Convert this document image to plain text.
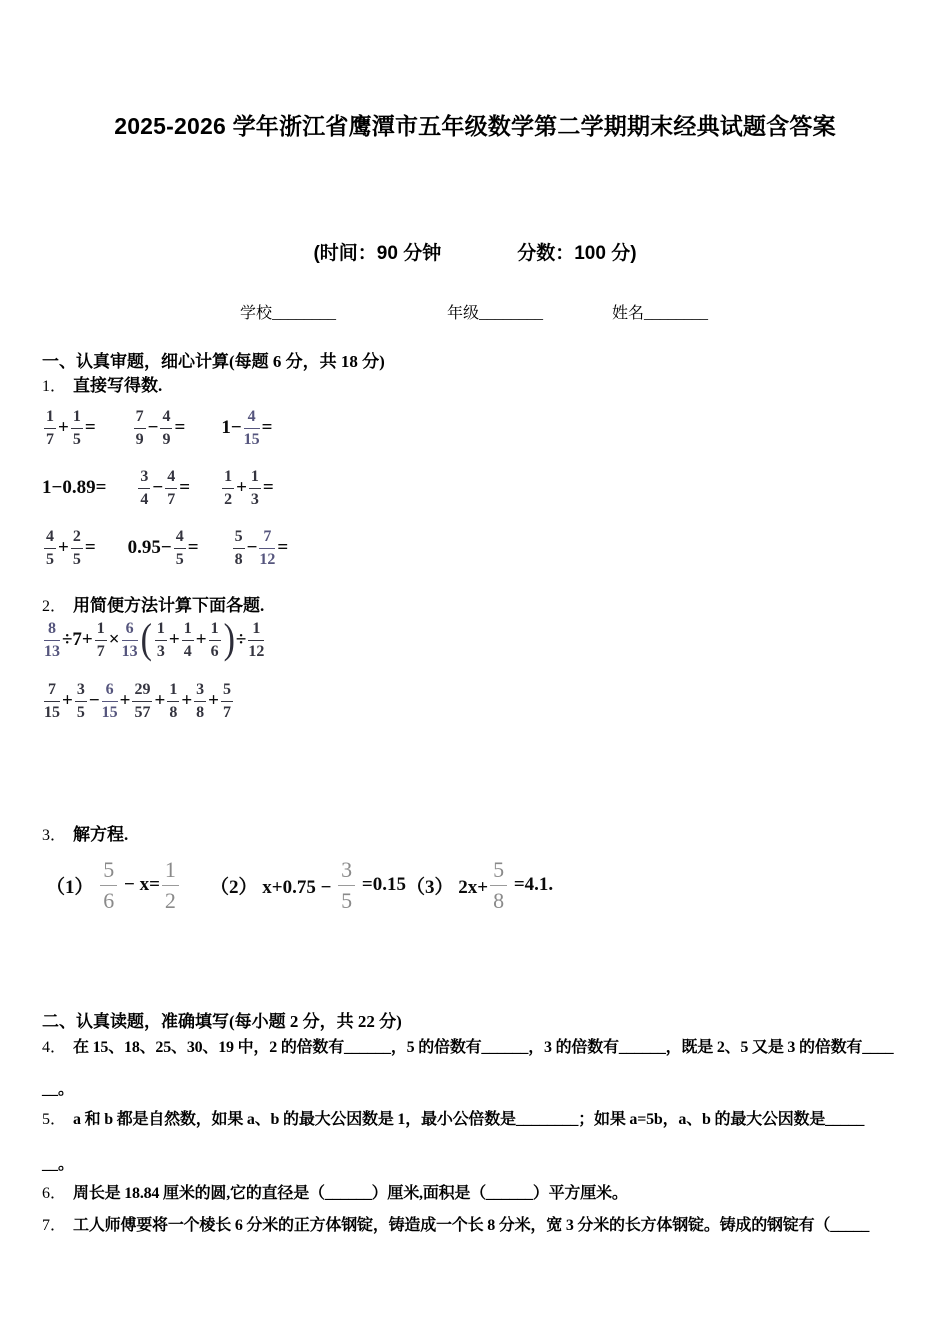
2025-2026 学年浙江省鹰潭市五年级数学第二学期期末经典试题含答案
(时间：90 分钟　　　　分数：100 分)
学校________	年级________	姓名________
一、认真审题，细心计算(每题 6 分，共 18 分)
1． 直接写得数.
$\frac{1}{7} + \frac{1}{5} = \frac{7}{9} - \frac{4}{9} = 1- \frac{4}{15}$ =
$1-0.89= \frac{3}{4} - \frac{4}{7} = \frac{1}{2} + \frac{1}{3}$ =
$\frac{4}{5} + \frac{2}{5} = 0.95- \frac{4}{5} = \frac{5}{8} - \frac{7}{12}$ =
2． 用简便方法计算下面各题.
$\frac{8}{13} \div 7+ \frac{1}{7} \times \frac{6}{13}$ ( $\frac{1}{3} + \frac{1}{4} + \frac{1}{6}$ ) ÷ $\frac{1}{12}$
$\frac{7}{15} + \frac{3}{5} - \frac{6}{15} + \frac{29}{57} + \frac{1}{8} + \frac{3}{8} + \frac{5}{7}$
3． 解方程.
$(1) \frac{5}{6} - x= \frac{1}{2} (2) x+0.75 - \frac{3}{5} =0.15$ （3） $2x+ \frac{5}{8} =4.1$.
二、认真读题，准确填写(每小题 2 分，共 22 分)
4． 在 15、18、25、30、19 中，2 的倍数有______，5 的倍数有______，3 的倍数有______，既是 2、5 又是 3 的倍数有____
__。
5． a 和 b 都是自然数，如果 a、b 的最大公因数是 1，最小公倍数是________；如果 a=5b，a、b 的最大公因数是_____
__。
6． 周长是 18.84 厘米的圆,它的直径是（______）厘米,面积是（______）平方厘米。
7． 工人师傅要将一个棱长 6 分米的正方体钢锭，铸造成一个长 8 分米，宽 3 分米的长方体钢锭。铸成的钢锭有（_____
